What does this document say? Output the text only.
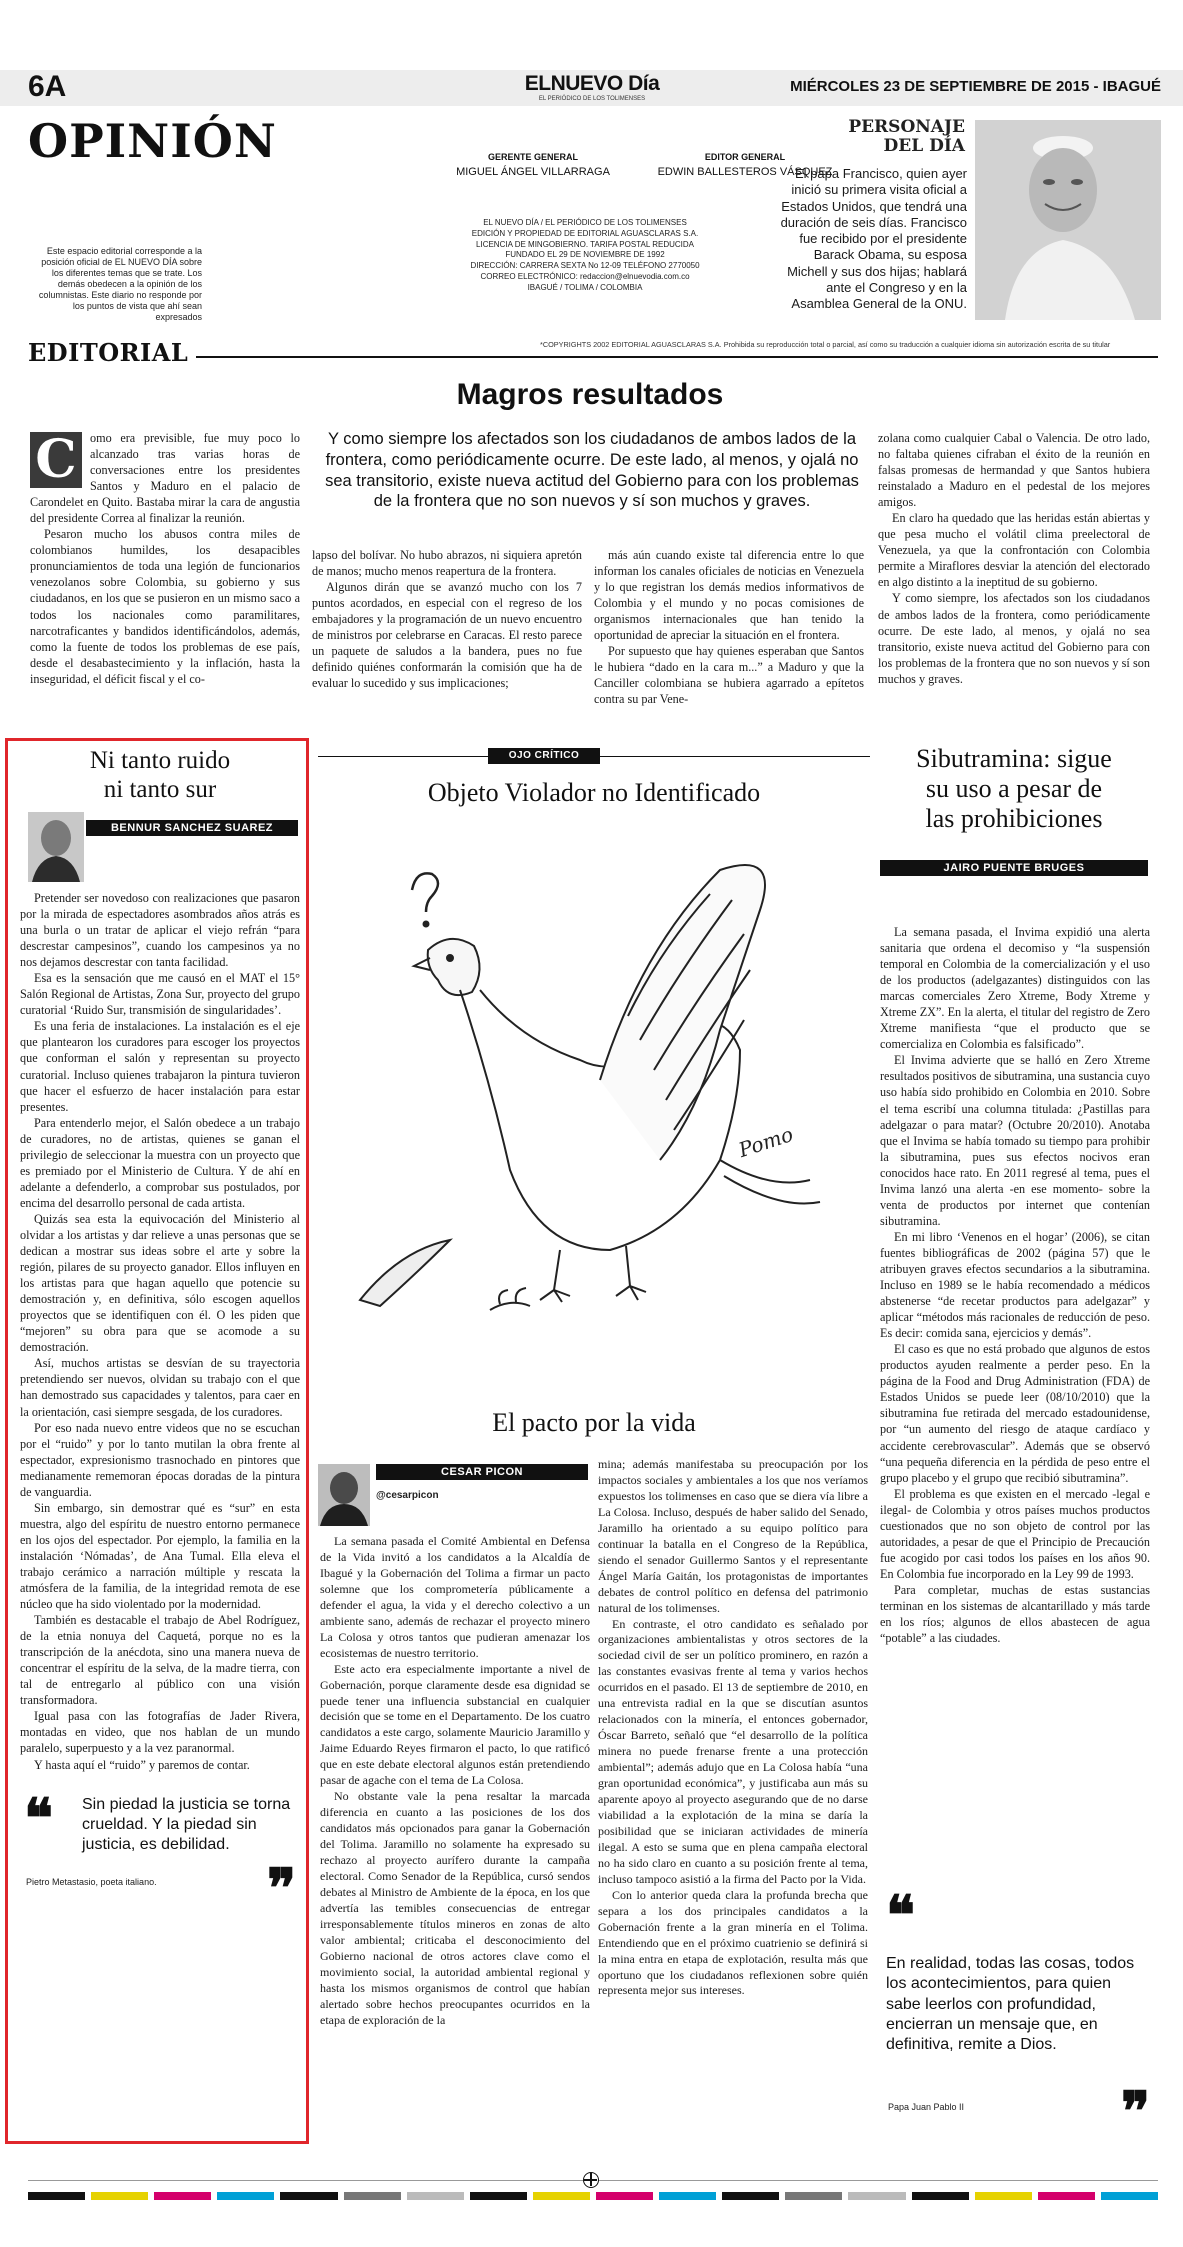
6A	ELNUEVO Día
EL PERIÓDICO DE LOS TOLIMENSES
MIÉRCOLES 23 DE SEPTIEMBRE DE 2015 - IBAGUÉ
OPINIÓN
Este espacio editorial corresponde a la posición oficial de EL NUEVO DÍA sobre los diferentes temas que se trate. Los demás obedecen a la opinión de los columnistas. Este diario no responde por los puntos de vista que ahí sean expresados
GERENTE GENERAL
MIGUEL ÁNGEL VILLARRAGA
EDITOR GENERAL
EDWIN BALLESTEROS VÁSQUEZ
EL NUEVO DÍA / EL PERIÓDICO DE LOS TOLIMENSES
EDICIÓN Y PROPIEDAD DE EDITORIAL AGUASCLARAS S.A.
LICENCIA DE MINGOBIERNO. TARIFA POSTAL REDUCIDA
FUNDADO EL 29 DE NOVIEMBRE DE 1992
DIRECCIÓN: CARRERA SEXTA No 12-09 TELÉFONO 2770050
CORREO ELECTRÓNICO: redaccion@elnuevodia.com.co
IBAGUÉ / TOLIMA / COLOMBIA
PERSONAJE
DEL DÍA
El papa Francisco, quien ayer inició su primera visita oficial a Estados Unidos, que tendrá una duración de seis días. Francisco fue recibido por el presidente Barack Obama, su esposa Michell y sus dos hijas; hablará ante el Congreso y en la Asamblea General de la ONU.
EDITORIAL	*COPYRIGHTS 2002 EDITORIAL AGUASCLARAS S.A. Prohibida su reproducción total o parcial, así como su traducción a cualquier idioma sin autorización escrita de su titular
Magros resultados
Y como siempre los afectados son los ciudadanos de ambos lados de la frontera, como periódicamente ocurre. De este lado, al menos, y ojalá no sea transitorio, existe nueva actitud del Gobierno para con los problemas de la frontera que no son nuevos y sí son muchos y graves.
C	omo era previsible, fue muy poco lo alcanzado tras varias horas de conversaciones entre los presidentes Santos y Maduro en el palacio de Carondelet en Quito. Bastaba mirar la cara de angustia del presidente Correa al finalizar la reunión.

Pesaron mucho los abusos contra miles de colombianos humildes, los desapacibles pronunciamientos de toda una legión de funcionarios venezolanos sobre Colombia, su gobierno y sus ciudadanos, en los que se pusieron en un mismo saco a todos los nacionales como paramilitares, narcotraficantes y bandidos identificándolos, además, como la fuente de todos los problemas de ese país, desde el desabastecimiento y la inflación, hasta la inseguridad, el déficit fiscal y el co-

lapso del bolívar. No hubo abrazos, ni siquiera apretón de manos; mucho menos reapertura de la frontera.

Algunos dirán que se avanzó mucho con los 7 puntos acordados, en especial con el regreso de los embajadores y la programación de un nuevo encuentro de ministros por celebrarse en Caracas. El resto parece un paquete de saludos a la bandera, pues no fue definido quiénes conformarán la comisión que ha de evaluar lo sucedido y sus implicaciones;

más aún cuando existe tal diferencia entre lo que informan los canales oficiales de noticias en Venezuela y lo que registran los demás medios informativos de Colombia y el mundo y no pocas comisiones de organismos internacionales que han tenido la oportunidad de apreciar la situación en el frontera.

Por supuesto que hay quienes esperaban que Santos le hubiera “dado en la cara m...” a Maduro y que la Canciller colombiana se hubiera agarrado a epítetos contra su par Vene-

zolana como cualquier Cabal o Valencia. De otro lado, no faltaba quienes cifraban el éxito de la reunión en falsas promesas de hermandad y que Santos hubiera reinstalado a Maduro en el pedestal de los mejores amigos.

En claro ha quedado que las heridas están abiertas y que pesa mucho el volátil clima preelectoral de Venezuela, ya que la confrontación con Colombia permite a Miraflores desviar la atención del electorado en algo distinto a la ineptitud de su gobierno.

Y como siempre, los afectados son los ciudadanos de ambos lados de la frontera, como periódicamente ocurre. De este lado, al menos, y ojalá no sea transitorio, existe nueva actitud del Gobierno para con los problemas de la frontera que no son nuevos y sí son muchos y graves.

Ni tanto ruido
ni tanto sur
BENNUR SANCHEZ SUAREZ

Pretender ser novedoso con realizaciones que pasaron por la mirada de espectadores asombrados años atrás es una burla o un tratar de aplicar el viejo refrán “para descrestar campesinos”, cuando los campesinos ya no nos dejamos descrestar con tanta facilidad.

Esa es la sensación que me causó en el MAT el 15° Salón Regional de Artistas, Zona Sur, proyecto del grupo curatorial ‘Ruido Sur, transmisión de singularidades’.

Es una feria de instalaciones. La instalación es el eje que plantearon los curadores para escoger los proyectos que conforman el salón y representan su proyecto curatorial. Incluso quienes trabajaron la pintura tuvieron que hacer el esfuerzo de hacer instalación para estar presentes.

Para entenderlo mejor, el Salón obedece a un trabajo de curadores, no de artistas, quienes se ganan el privilegio de seleccionar la muestra con un proyecto que es premiado por el Ministerio de Cultura. Y de ahí en adelante a defenderlo, a comprobar sus postulados, por encima del desarrollo personal de cada artista.

Quizás sea esta la equivocación del Ministerio al olvidar a los artistas y dar relieve a unas personas que se dedican a mostrar sus ideas sobre el arte y sobre la región, pilares de su proyecto ganador. Ellos influyen en los artistas para que hagan aquello que potencie su demostración y, en definitiva, sólo escogen aquellos proyectos que se identifiquen con él. O les piden que “mejoren” su obra para que se acomode a su demostración.

Así, muchos artistas se desvían de su trayectoria pretendiendo ser nuevos, olvidan su trabajo con el que han demostrado sus capacidades y talentos, para caer en la orientación, casi siempre sesgada, de los curadores.

Por eso nada nuevo entre videos que no se escuchan por el “ruido” y por lo tanto mutilan la obra frente al espectador, expresionismo trasnochado en pintores que medianamente rememoran épocas doradas de la pintura de vanguardia.

Sin embargo, sin demostrar qué es “sur” en esta muestra, algo del espíritu de nuestro entorno permanece en los ojos del espectador. Por ejemplo, la familia en la instalación ‘Nómadas’, de Ana Tumal. Ella eleva el trabajo cerámico a narración múltiple y rescata la atmósfera de la familia, de la integridad remota de ese núcleo que ha sido violentado por la modernidad.

También es destacable el trabajo de Abel Rodríguez, de la etnia nonuya del Caquetá, porque no es la transcripción de la anécdota, sino una manera nueva de concentrar el espíritu de la selva, de la madre tierra, con tal de entregarlo al público con una visión transformadora.

Igual pasa con las fotografías de Jader Rivera, montadas en video, que nos hablan de un mundo paralelo, superpuesto y a la vez paranormal.

Y hasta aquí el “ruido” y paremos de contar.

❝ Sin piedad la justicia se torna crueldad. Y la piedad sin justicia, es debilidad.
Pietro Metastasio, poeta italiano. ❞
OJO CRÍTICO
Objeto Violador no Identificado
Pomo
El pacto por la vida
CESAR PICON
@cesarpicon

La semana pasada el Comité Ambiental en Defensa de la Vida invitó a los candidatos a la Alcaldía de Ibagué y la Gobernación del Tolima a firmar un pacto solemne que los comprometería públicamente a defender el agua, la vida y el derecho colectivo a un ambiente sano, además de rechazar el proyecto minero La Colosa y otros tantos que pudieran amenazar los ecosistemas de nuestro territorio.

Este acto era especialmente importante a nivel de Gobernación, porque claramente desde esa dignidad se puede tener una influencia substancial en cualquier decisión que se tome en el Departamento. De los cuatro candidatos a este cargo, solamente Mauricio Jaramillo y Jaime Eduardo Reyes firmaron el pacto, lo que ratificó que en este debate electoral algunos están pretendiendo pasar de agache con el tema de La Colosa.

No obstante vale la pena resaltar la marcada diferencia en cuanto a las posiciones de los dos candidatos más opcionados para ganar la Gobernación del Tolima. Jaramillo no solamente ha expresado su rechazo al proyecto aurífero durante la campaña electoral. Como Senador de la República, cursó sendos debates al Ministro de Ambiente de la época, en los que advertía las temibles consecuencias de entregar irresponsablemente títulos mineros en zonas de alto valor ambiental; criticaba el desconocimiento del Gobierno nacional de otros actores clave como el movimiento social, la autoridad ambiental regional y hasta los mismos organismos de control que habían alertado sobre hechos preocupantes ocurridos en la etapa de exploración de la

mina; además manifestaba su preocupación por los impactos sociales y ambientales a los que nos veríamos expuestos los tolimenses en caso que se diera vía libre a La Colosa. Incluso, después de haber salido del Senado, Jaramillo ha orientado a su equipo político para continuar la batalla en el Congreso de la República, siendo el senador Guillermo Santos y el representante Ángel María Gaitán, los protagonistas de importantes debates de control político en defensa del patrimonio natural de los tolimenses.

En contraste, el otro candidato es señalado por organizaciones ambientalistas y otros sectores de la sociedad civil de ser un político prominero, en razón a las constantes evasivas frente al tema y varios hechos ocurridos en el pasado. El 13 de septiembre de 2010, en una entrevista radial en la que se discutían asuntos relacionados con la minería, el entonces gobernador, Óscar Barreto, señaló que “el desarrollo de la política minera no puede frenarse frente a una protección ambiental”; además adujo que en La Colosa había “una gran oportunidad económica”, y justificaba aun más su aparente apoyo al proyecto asegurando que de no darse viabilidad a la explotación de la mina se daría la posibilidad que se iniciaran actividades de minería ilegal. A esto se suma que en plena campaña electoral no ha sido claro en cuanto a su posición frente al tema, incluso tampoco asistió a la firma del Pacto por la Vida.

Con lo anterior queda clara la profunda brecha que separa a los dos principales candidatos a la Gobernación frente a la gran minería en el Tolima. Entendiendo que en el próximo cuatrienio se definirá si la mina entra en etapa de explotación, resulta más que oportuno que los ciudadanos reflexionen sobre quién representa mejor sus intereses.

Sibutramina: sigue
su uso a pesar de
las prohibiciones
JAIRO PUENTE BRUGES

La semana pasada, el Invima expidió una alerta sanitaria que ordena el decomiso y “la suspensión temporal en Colombia de la comercialización y el uso de los productos (adelgazantes) distinguidos con las marcas comerciales Zero Xtreme, Body Xtreme y Xtreme ZX”. En la alerta, el titular del registro de Zero Xtreme manifiesta “que el producto que se comercializa en Colombia es falsificado”.

El Invima advierte que se halló en Zero Xtreme resultados positivos de sibutramina, una sustancia cuyo uso había sido prohibido en Colombia en 2010. Sobre el tema escribí una columna titulada: ¿Pastillas para adelgazar o para matar? (Octubre 20/2010). Anotaba que el Invima se había tomado su tiempo para prohibir la sibutramina, pues sus efectos nocivos eran conocidos hace rato. En 2011 regresé al tema, pues el Invima lanzó una alerta -en ese momento- sobre la venta de productos por internet que contenían sibutramina.

En mi libro ‘Venenos en el hogar’ (2006), se citan fuentes bibliográficas de 2002 (página 57) que le atribuyen graves efectos secundarios a la sibutramina. Incluso en 1989 se le había recomendado a médicos abstenerse “de recetar productos para adelgazar” y aplicar “métodos más racionales de reducción de peso. Es decir: comida sana, ejercicios y demás”.

El caso es que no está probado que algunos de estos productos ayuden realmente a perder peso. En la página de la Food and Drug Administration (FDA) de Estados Unidos se puede leer (08/10/2010) que la sibutramina fue retirada del mercado estadounidense, por “un aumento del riesgo de ataque cardíaco y accidente cerebrovascular”. Además que se observó “una pequeña diferencia en la pérdida de peso entre el grupo placebo y el grupo que recibió sibutramina”.

El problema es que existen en el mercado -legal e ilegal- de Colombia y otros países muchos productos cuestionados que no son objeto de control por las autoridades, a pesar de que el Principio de Precaución fue acogido por casi todos los países en los años 90. En Colombia fue incorporado en la Ley 99 de 1993.

Para completar, muchas de estas sustancias terminan en los sistemas de alcantarillado y más tarde en los ríos; algunos de ellos abastecen de agua “potable” a las ciudades.

❝
En realidad, todas las cosas, todos los acontecimientos, para quien sabe leerlos con profundidad, encierran un mensaje que, en definitiva, remite a Dios.
Papa Juan Pablo II	❞
